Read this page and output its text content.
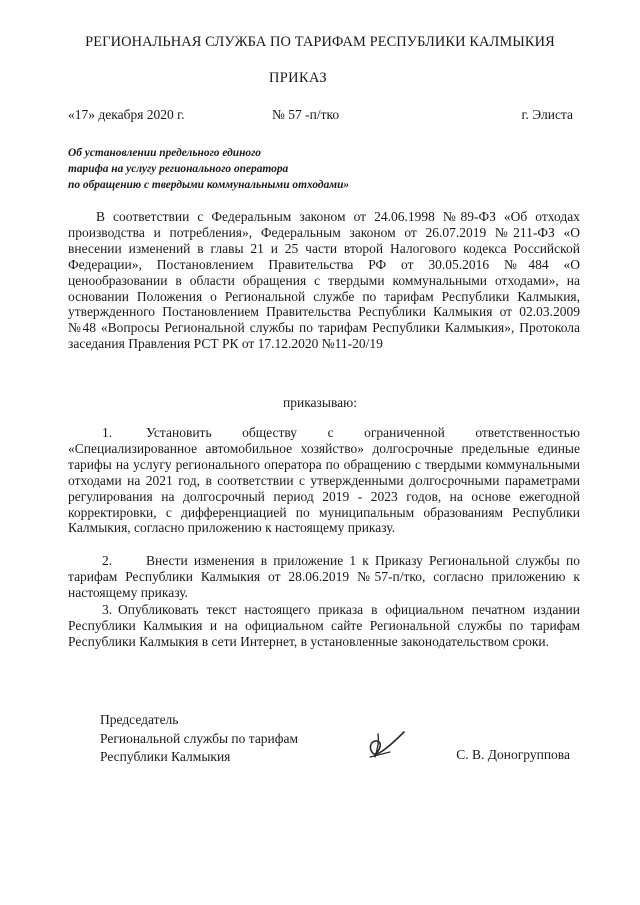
РЕГИОНАЛЬНАЯ СЛУЖБА ПО ТАРИФАМ РЕСПУБЛИКИ КАЛМЫКИЯ
ПРИКАЗ
«17» декабря 2020 г.	№ 57 -п/тко	г. Элиста
Об установлении предельного единого
тарифа на услугу регионального оператора
по обращению с твердыми коммунальными отходами»
В соответствии с Федеральным законом от 24.06.1998 №89-ФЗ «Об отходах производства и потребления», Федеральным законом от 26.07.2019 №211-ФЗ «О внесении изменений в главы 21 и 25 части второй Налогового кодекса Российской Федерации», Постановлением Правительства РФ от 30.05.2016 №484 «О ценообразовании в области обращения с твердыми коммунальными отходами», на основании Положения о Региональной службе по тарифам Республики Калмыкия, утвержденного Постановлением Правительства Республики Калмыкия от 02.03.2009 №48 «Вопросы Региональной службы по тарифам Республики Калмыкия», Протокола заседания Правления РСТ РК от 17.12.2020 №11-20/19
приказываю:
1.	Установить обществу с ограниченной ответственностью «Специализированное автомобильное хозяйство» долгосрочные предельные единые тарифы на услугу регионального оператора по обращению с твердыми коммунальными отходами на 2021 год, в соответствии с утвержденными долгосрочными параметрами регулирования на долгосрочный период 2019 - 2023 годов, на основе ежегодной корректировки, с дифференциацией по муниципальным образованиям Республики Калмыкия, согласно приложению к настоящему приказу.
2.	Внести изменения в приложение 1 к Приказу Региональной службы по тарифам Республики Калмыкия от 28.06.2019 №57-п/тко, согласно приложению к настоящему приказу.
3. Опубликовать текст настоящего приказа в официальном печатном издании Республики Калмыкия и на официальном сайте Региональной службы по тарифам Республики Калмыкия в сети Интернет, в установленные законодательством сроки.
Председатель
Региональной службы по тарифам
Республики Калмыкия	С. В. Доногруппова
